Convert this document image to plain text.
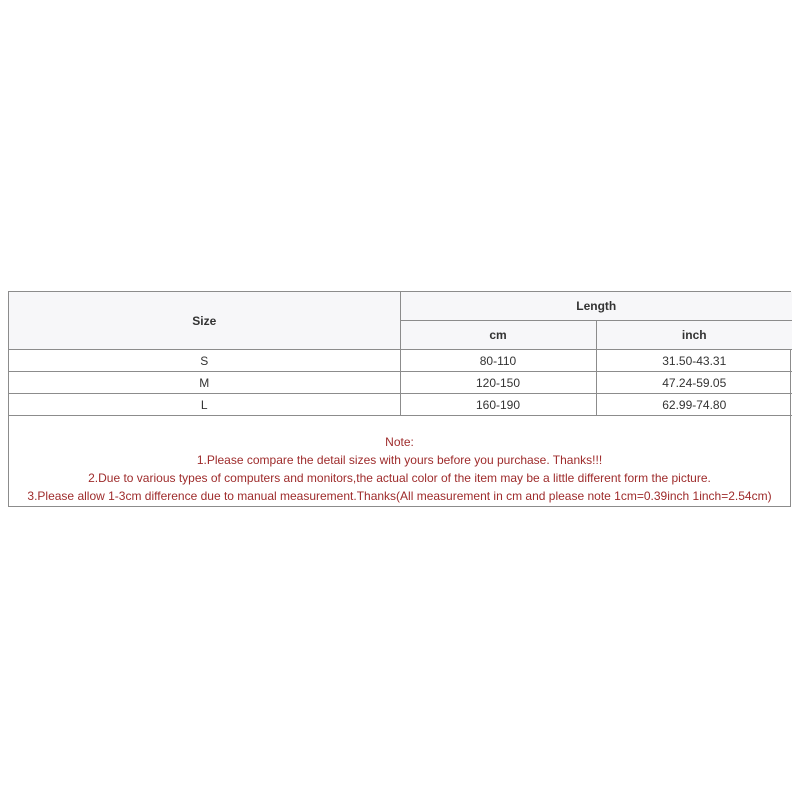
Size	Length	
	cm	inch
S	80-110	31.50-43.31
M	120-150	47.24-59.05
L	160-190	62.99-74.80
Note:
1.Please compare the detail sizes with yours before you purchase. Thanks!!!
2.Due to various types of computers and monitors,the actual color of the item may be a little different form the picture.
3.Please allow 1-3cm difference due to manual measurement.Thanks(All measurement in cm and please note 1cm=0.39inch 1inch=2.54cm)
